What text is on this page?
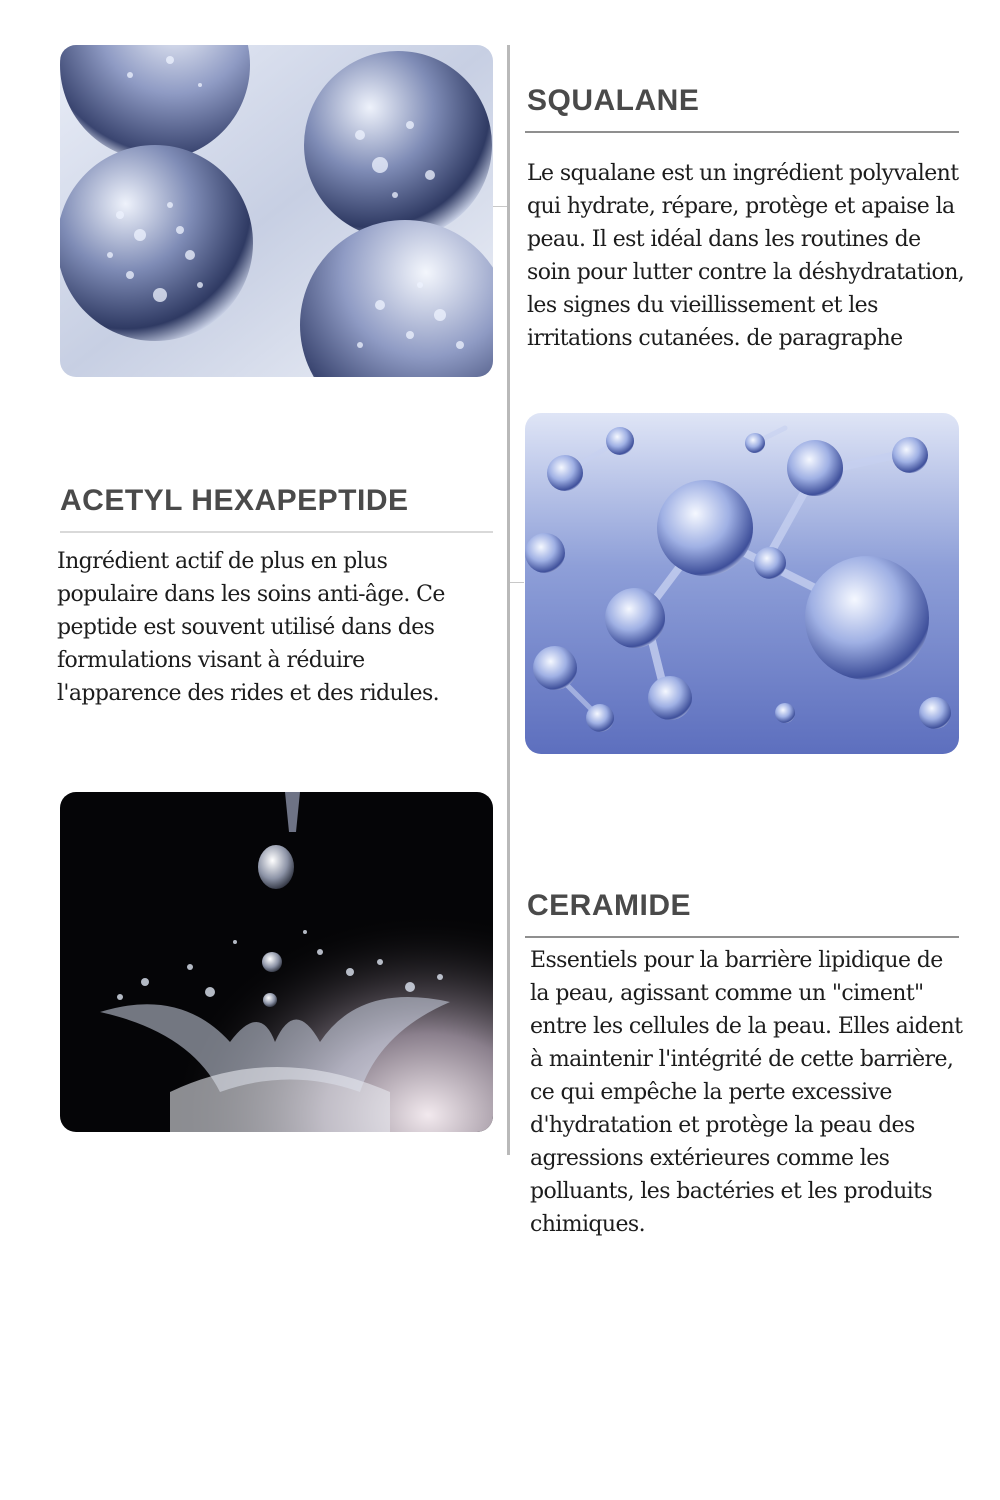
SQUALANE

Le squalane est un ingrédient polyvalent qui hydrate, répare, protège et apaise la peau. Il est idéal dans les routines de soin pour lutter contre la déshydratation, les signes du vieillissement et les irritations cutanées. de paragraphe

ACETYL HEXAPEPTIDE

Ingrédient actif de plus en plus populaire dans les soins anti-âge. Ce peptide est souvent utilisé dans des formulations visant à réduire l'apparence des rides et des ridules.

CERAMIDE

Essentiels pour la barrière lipidique de la peau, agissant comme un "ciment" entre les cellules de la peau. Elles aident à maintenir l'intégrité de cette barrière, ce qui empêche la perte excessive d'hydratation et protège la peau des agressions extérieures comme les polluants, les bactéries et les produits chimiques.
